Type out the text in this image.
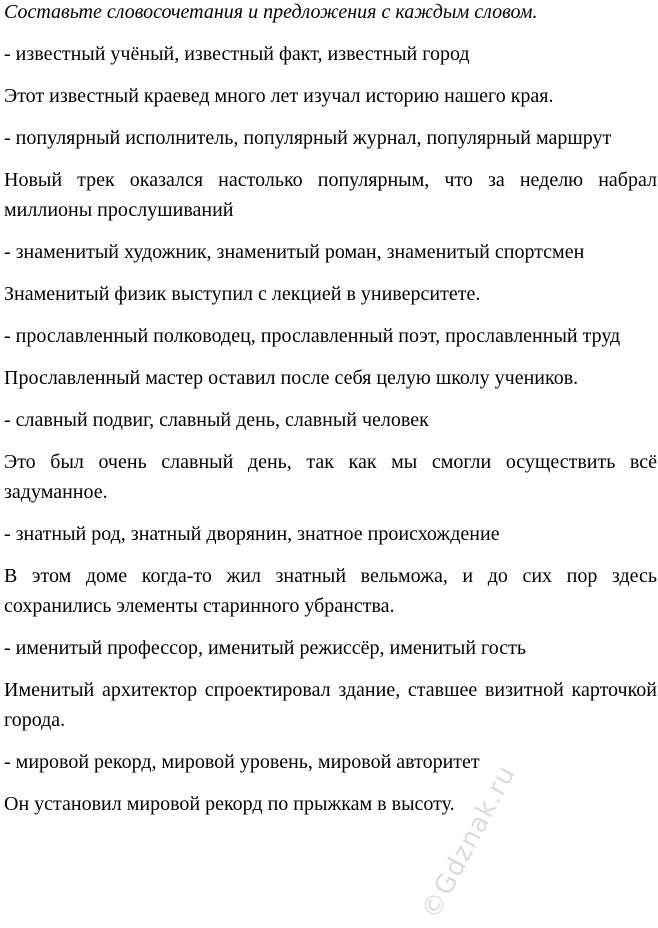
Составьте словосочетания и предложения с каждым словом.

- известный учёный, известный факт, известный город

Этот известный краевед много лет изучал историю нашего края.

- популярный исполнитель, популярный журнал, популярный маршрут

Новый трек оказался настолько популярным, что за неделю набрал миллионы прослушиваний

- знаменитый художник, знаменитый роман, знаменитый спортсмен

Знаменитый физик выступил с лекцией в университете.

- прославленный полководец, прославленный поэт, прославленный труд

Прославленный мастер оставил после себя целую школу учеников.

- славный подвиг, славный день, славный человек

Это был очень славный день, так как мы смогли осуществить всё задуманное.

- знатный род, знатный дворянин, знатное происхождение

В этом доме когда-то жил знатный вельможа, и до сих пор здесь сохранились элементы старинного убранства.

- именитый профессор, именитый режиссёр, именитый гость

Именитый архитектор спроектировал здание, ставшее визитной карточкой города.

- мировой рекорд, мировой уровень, мировой авторитет

Он установил мировой рекорд по прыжкам в высоту.

©Gdznak.ru
